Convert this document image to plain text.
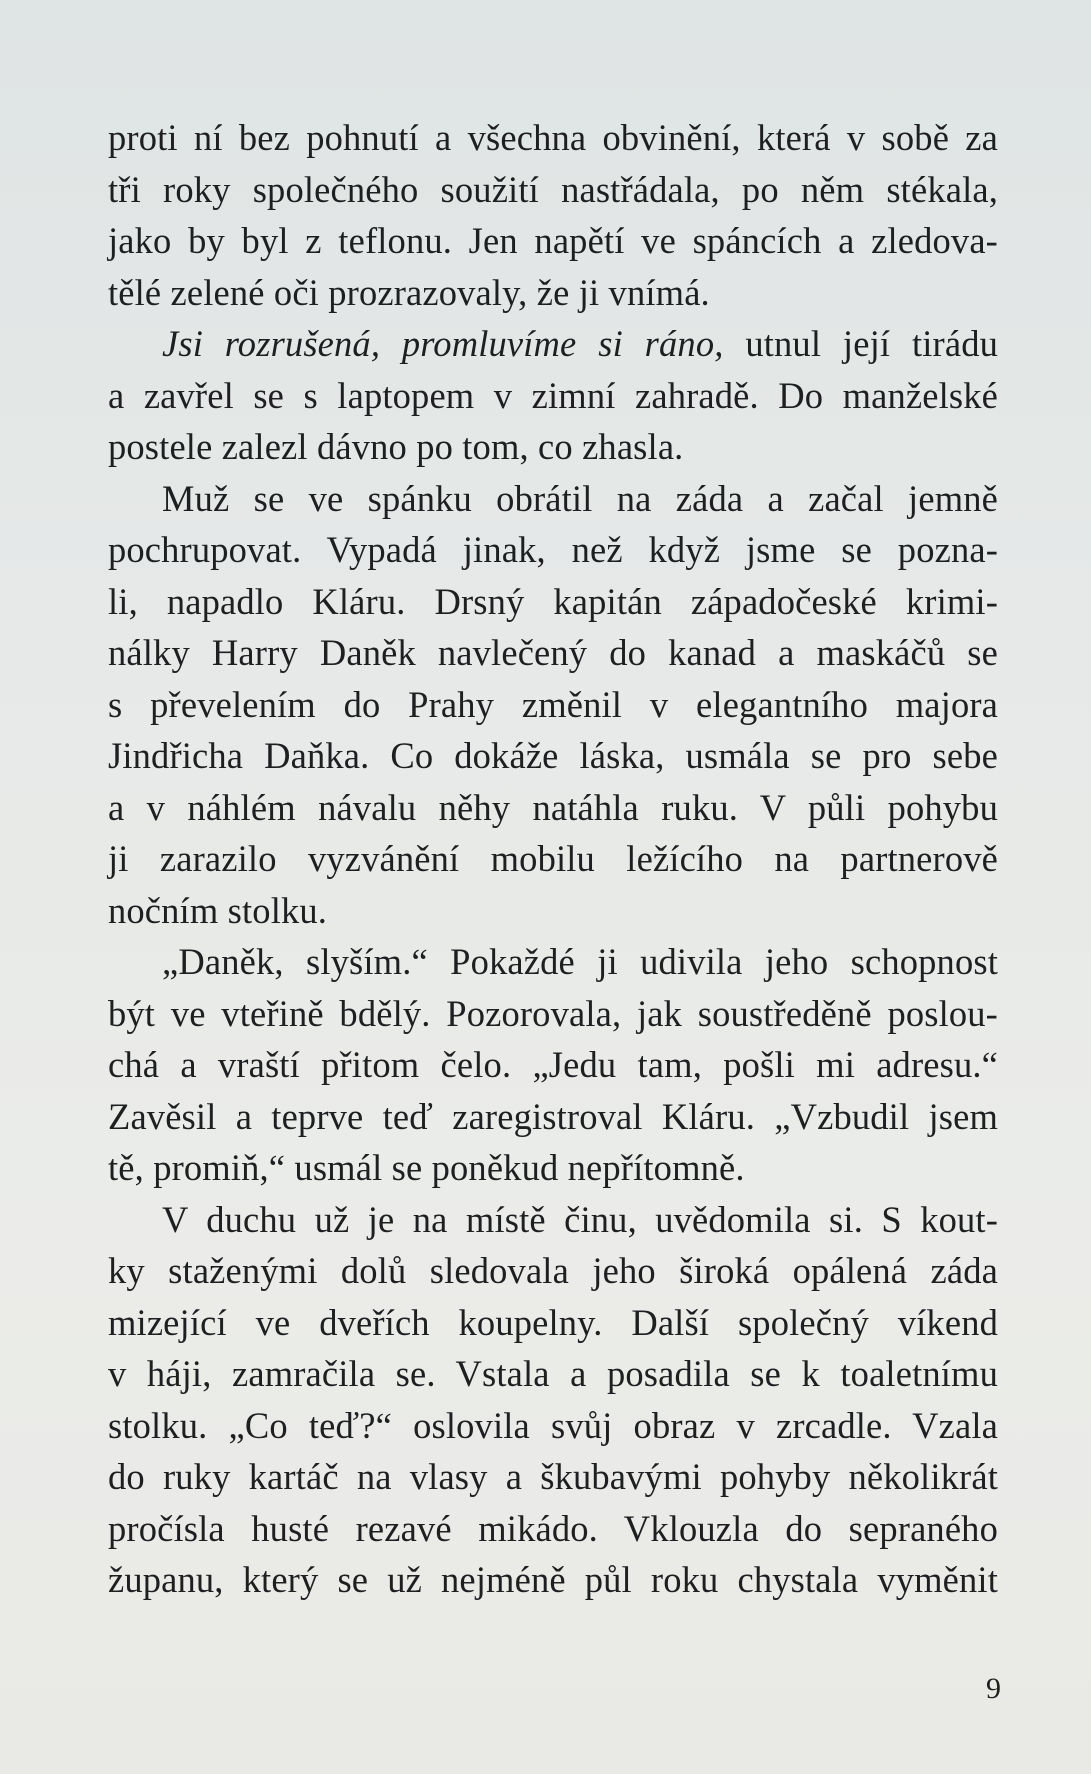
proti ní bez pohnutí a všechna obvinění, která v sobě za
tři roky společného soužití nastřádala, po něm stékala,
jako by byl z teflonu. Jen napětí ve spáncích a zledova-
tělé zelené oči prozrazovaly, že ji vnímá.
Jsi rozrušená, promluvíme si ráno, utnul její tirádu
a zavřel se s laptopem v zimní zahradě. Do manželské
postele zalezl dávno po tom, co zhasla.
Muž se ve spánku obrátil na záda a začal jemně
pochrupovat. Vypadá jinak, než když jsme se pozna-
li, napadlo Kláru. Drsný kapitán západočeské krimi-
nálky Harry Daněk navlečený do kanad a maskáčů se
s převelením do Prahy změnil v elegantního majora
Jindřicha Daňka. Co dokáže láska, usmála se pro sebe
a v náhlém návalu něhy natáhla ruku. V půli pohybu
ji zarazilo vyzvánění mobilu ležícího na partnerově
nočním stolku.
„Daněk, slyším.“ Pokaždé ji udivila jeho schopnost
být ve vteřině bdělý. Pozorovala, jak soustředěně poslou-
chá a vraští přitom čelo. „Jedu tam, pošli mi adresu.“
Zavěsil a teprve teď zaregistroval Kláru. „Vzbudil jsem
tě, promiň,“ usmál se poněkud nepřítomně.
V duchu už je na místě činu, uvědomila si. S kout-
ky staženými dolů sledovala jeho široká opálená záda
mizející ve dveřích koupelny. Další společný víkend
v háji, zamračila se. Vstala a posadila se k toaletnímu
stolku. „Co teď?“ oslovila svůj obraz v zrcadle. Vzala
do ruky kartáč na vlasy a škubavými pohyby několikrát
pročísla husté rezavé mikádo. Vklouzla do sepraného
županu, který se už nejméně půl roku chystala vyměnit
9
